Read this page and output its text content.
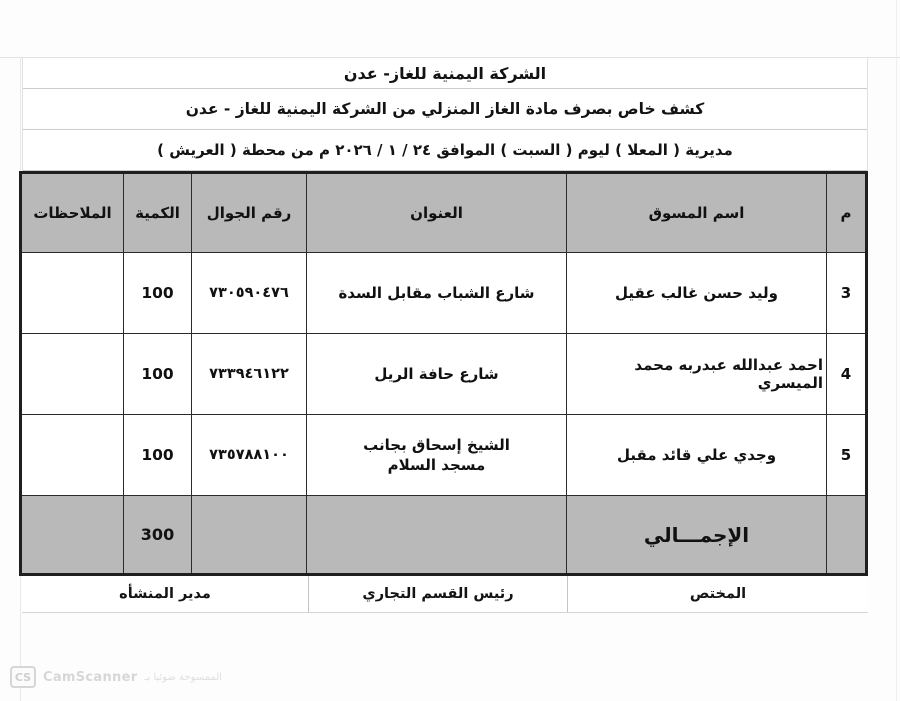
الشركة اليمنية للغاز- عدن
كشف خاص بصرف مادة الغاز المنزلي من الشركة اليمنية للغاز - عدن
مديرية ( المعلا ) ليوم ( السبت ) الموافق ٢٤ / ١ / ٢٠٢٦ م من محطة ( العريش )
م	اسم المسوق	العنوان	رقم الجوال	الكمية	الملاحظات
3	وليد حسن غالب عقيل	شارع الشباب مقابل السدة	٧٣٠٥٩٠٤٧٦	100	
4	احمد عبدالله عبدربه محمد الميسري	شارع حافة الريل	٧٣٣٩٤٦١٢٢	100	
5	وجدي علي قائد مقبل	الشيخ إسحاق بجانب مسجد السلام	٧٣٥٧٨٨١٠٠	100	
	الإجمـــالي			300	
المختص
رئيس القسم التجاري
مدير المنشأه
CS CamScanner الممسوحة ضوئيا بـ
